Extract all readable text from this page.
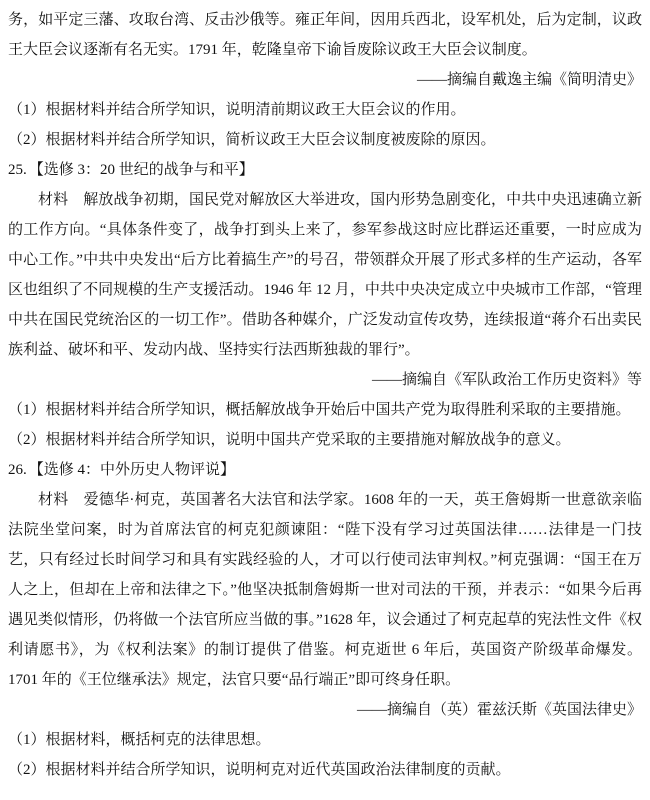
务，如平定三藩、攻取台湾、反击沙俄等。雍正年间，因用兵西北，设军机处，后为定制，议政王大臣会议逐渐有名无实。1791 年，乾隆皇帝下谕旨废除议政王大臣会议制度。

——摘编自戴逸主编《简明清史》

（1）根据材料并结合所学知识，说明清前期议政王大臣会议的作用。

（2）根据材料并结合所学知识，简析议政王大臣会议制度被废除的原因。

25. 【选修 3：20 世纪的战争与和平】

材料 解放战争初期，国民党对解放区大举进攻，国内形势急剧变化，中共中央迅速确立新的工作方向。“具体条件变了，战争打到头上来了，参军参战这时应比群运还重要，一时应成为中心工作。”中共中央发出“后方比着搞生产”的号召，带领群众开展了形式多样的生产运动，各军区也组织了不同规模的生产支援活动。1946 年 12 月，中共中央决定成立中央城市工作部，“管理中共在国民党统治区的一切工作”。借助各种媒介，广泛发动宣传攻势，连续报道“蒋介石出卖民族利益、破坏和平、发动内战、坚持实行法西斯独裁的罪行”。

——摘编自《军队政治工作历史资料》等

（1）根据材料并结合所学知识，概括解放战争开始后中国共产党为取得胜利采取的主要措施。

（2）根据材料并结合所学知识，说明中国共产党采取的主要措施对解放战争的意义。

26. 【选修 4：中外历史人物评说】

材料 爱德华·柯克，英国著名大法官和法学家。1608 年的一天，英王詹姆斯一世意欲亲临法院坐堂问案，时为首席法官的柯克犯颜谏阻：“陛下没有学习过英国法律……法律是一门技艺，只有经过长时间学习和具有实践经验的人，才可以行使司法审判权。”柯克强调：“国王在万人之上，但却在上帝和法律之下。”他坚决抵制詹姆斯一世对司法的干预，并表示：“如果今后再遇见类似情形，仍将做一个法官所应当做的事。”1628 年，议会通过了柯克起草的宪法性文件《权利请愿书》，为《权利法案》的制订提供了借鉴。柯克逝世 6 年后，英国资产阶级革命爆发。1701 年的《王位继承法》规定，法官只要“品行端正”即可终身任职。

——摘编自（英）霍兹沃斯《英国法律史》

（1）根据材料，概括柯克的法律思想。

（2）根据材料并结合所学知识，说明柯克对近代英国政治法律制度的贡献。
